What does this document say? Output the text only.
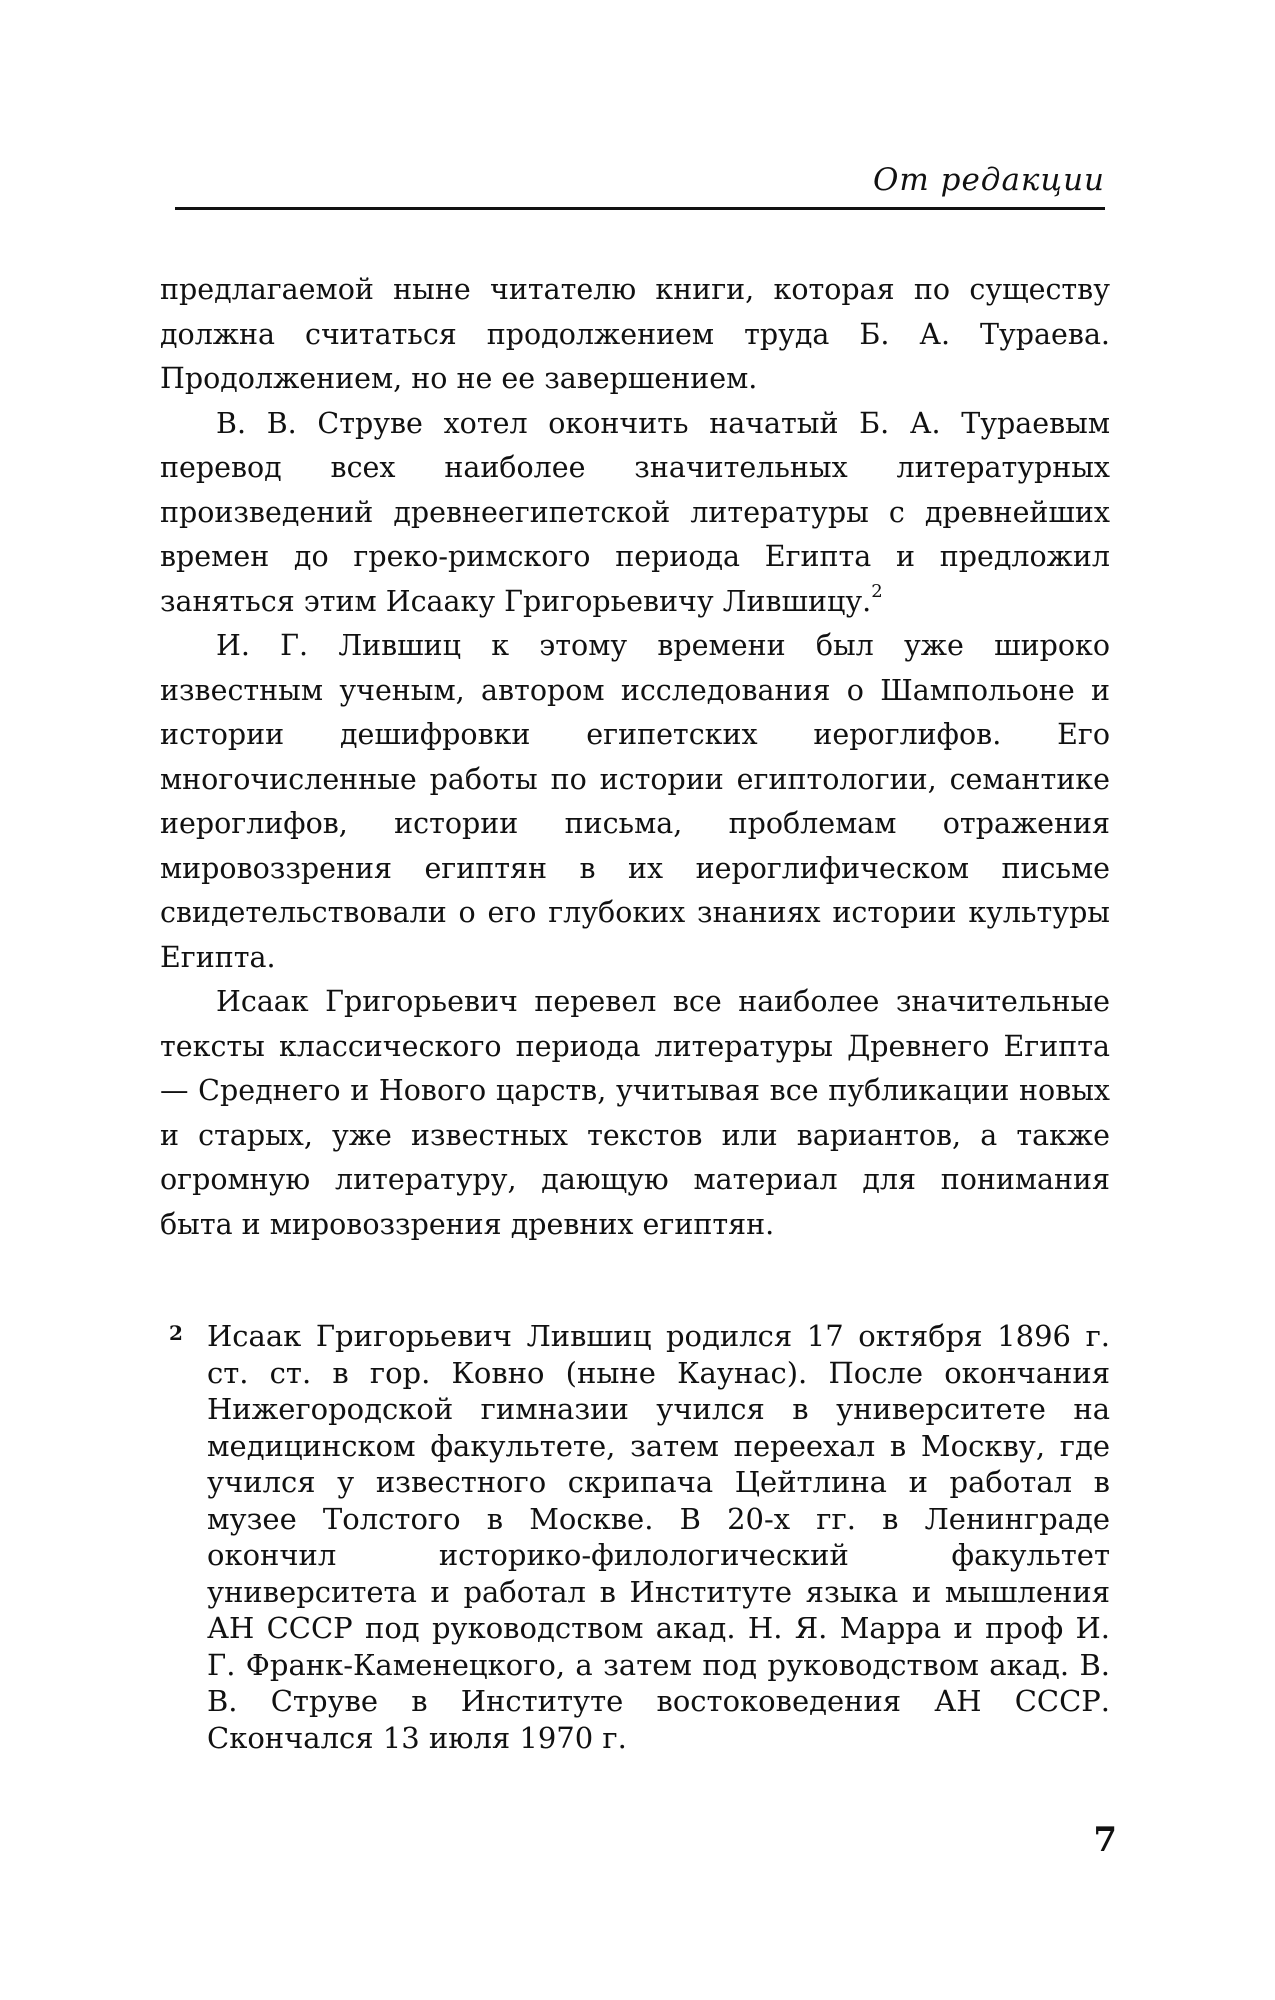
От редакции

предлагаемой ныне читателю книги, которая по существу должна считаться продолжением труда Б. А. Тураева. Продолжением, но не ее завершением.

В. В. Струве хотел окончить начатый Б. А. Тураевым перевод всех наиболее значительных литературных произведений древнеегипетской литературы с древнейших времен до греко-римского периода Египта и предложил заняться этим Исааку Григорьевичу Лившицу.$^2$

И. Г. Лившиц к этому времени был уже широко известным ученым, автором исследования о Шампольоне и истории дешифровки египетских иероглифов. Его многочисленные работы по истории египтологии, семантике иероглифов, истории письма, проблемам отражения мировоззрения египтян в их иероглифическом письме свидетельствовали о его глубоких знаниях истории культуры Египта.

Исаак Григорьевич перевел все наиболее значительные тексты классического периода литературы Древнего Египта — Среднего и Нового царств, учитывая все публикации новых и старых, уже известных текстов или вариантов, а также огромную литературу, дающую материал для понимания быта и мировоззрения древних египтян.

2 Исаак Григорьевич Лившиц родился 17 октября 1896 г. ст. ст. в гор. Ковно (ныне Каунас). После окончания Нижегородской гимназии учился в университете на медицинском факультете, затем переехал в Москву, где учился у известного скрипача Цейтлина и работал в музее Толстого в Москве. В 20-х гг. в Ленинграде окончил историко-филологический факультет университета и работал в Институте языка и мышления АН СССР под руководством акад. Н. Я. Марра и проф И. Г. Франк-Каменецкого, а затем под руководством акад. В. В. Струве в Институте востоковедения АН СССР. Скончался 13 июля 1970 г.
7
